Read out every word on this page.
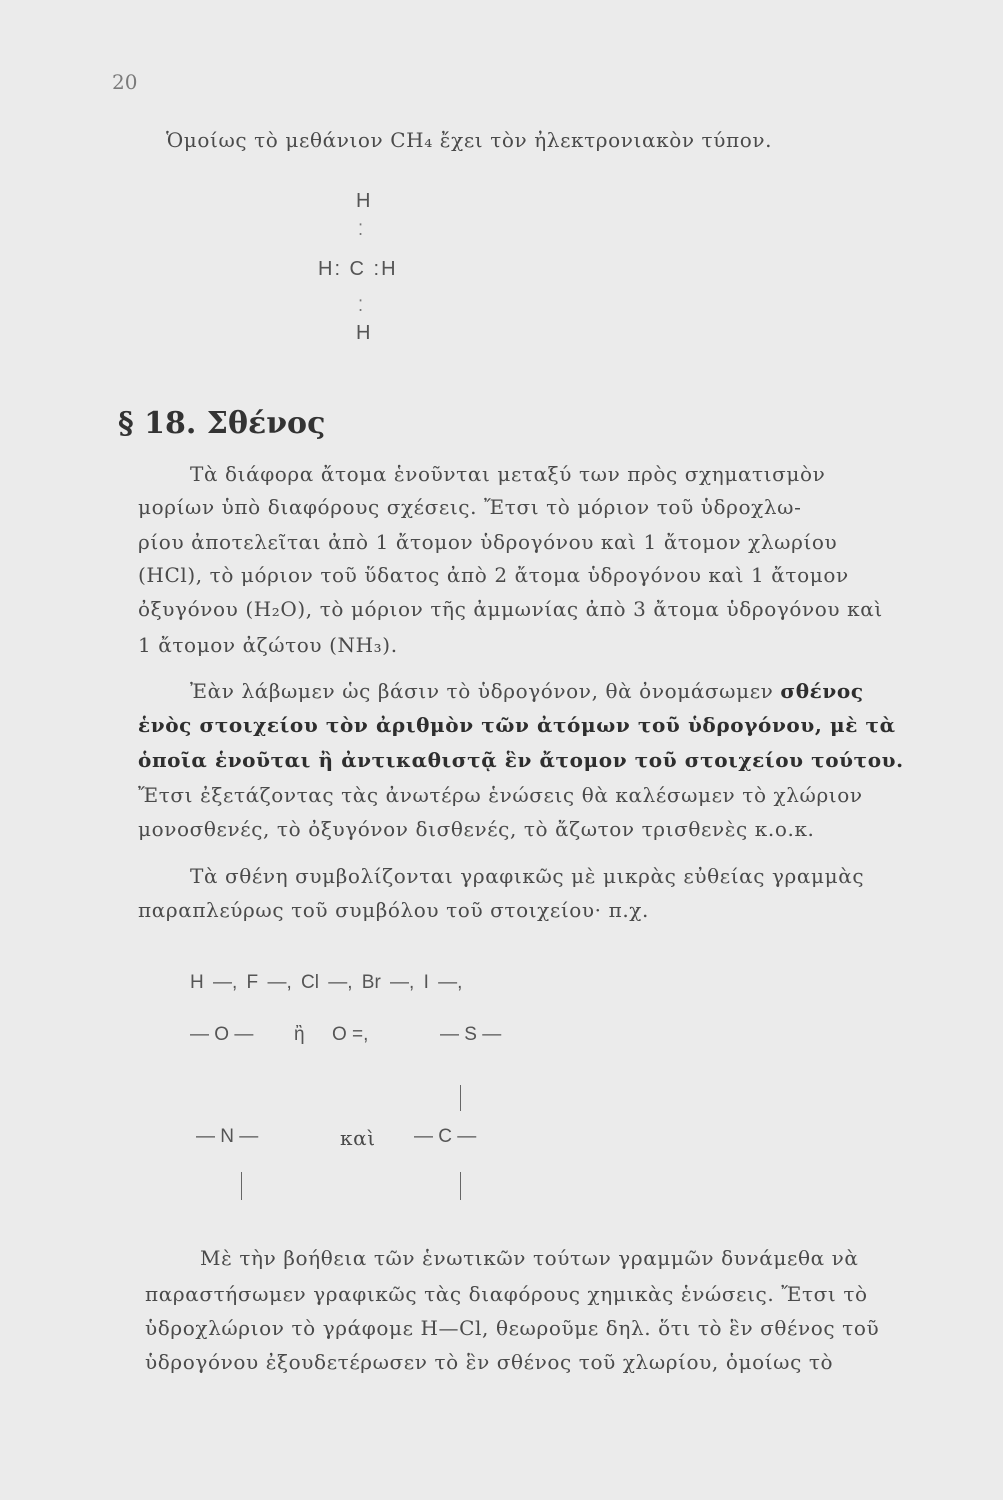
20
Ὁμοίως τὸ μεθάνιον CH₄ ἔχει τὸν ἠλεκτρονιακὸν τύπον.
H
⁚
H: C :H
⁚
H
§ 18. Σθένος
Τὰ διάφορα ἄτομα ἑνοῦνται μεταξύ των πρὸς σχηματισμὸν
μορίων ὑπὸ διαφόρους σχέσεις. Ἔτσι τὸ μόριον τοῦ ὑδροχλω-
ρίου ἀποτελεῖται ἀπὸ 1 ἄτομον ὑδρογόνου καὶ 1 ἄτομον χλωρίου
(HCl), τὸ μόριον τοῦ ὕδατος ἀπὸ 2 ἄτομα ὑδρογόνου καὶ 1 ἄτομον
ὀξυγόνου (H₂O), τὸ μόριον τῆς ἀμμωνίας ἀπὸ 3 ἄτομα ὑδρογόνου καὶ
1 ἄτομον ἀζώτου (NH₃).
Ἐὰν λάβωμεν ὡς βάσιν τὸ ὑδρογόνον, θὰ ὀνομάσωμεν σθένος
ἑνὸς στοιχείου τὸν ἀριθμὸν τῶν ἀτόμων τοῦ ὑδρογόνου, μὲ τὰ
ὁποῖα ἑνοῦται ἢ ἀντικαθιστᾷ ἓν ἄτομον τοῦ στοιχείου τούτου.
Ἔτσι ἐξετάζοντας τὰς ἀνωτέρω ἑνώσεις θὰ καλέσωμεν τὸ χλώριον
μονοσθενές, τὸ ὀξυγόνον δισθενές, τὸ ἄζωτον τρισθενὲς κ.ο.κ.
Τὰ σθένη συμβολίζονται γραφικῶς μὲ μικρὰς εὐθείας γραμμὰς
παραπλεύρως τοῦ συμβόλου τοῦ στοιχείου· π.χ.
H —, F —, Cl —, Br —, I —,
— O — ἢ O =,	— S —
— N —	καὶ — C —
Μὲ τὴν βοήθεια τῶν ἑνωτικῶν τούτων γραμμῶν δυνάμεθα νὰ
παραστήσωμεν γραφικῶς τὰς διαφόρους χημικὰς ἑνώσεις. Ἔτσι τὸ
ὑδροχλώριον τὸ γράφομε H—Cl, θεωροῦμε δηλ. ὅτι τὸ ἓν σθένος τοῦ
ὑδρογόνου ἐξουδετέρωσεν τὸ ἓν σθένος τοῦ χλωρίου, ὁμοίως τὸ
